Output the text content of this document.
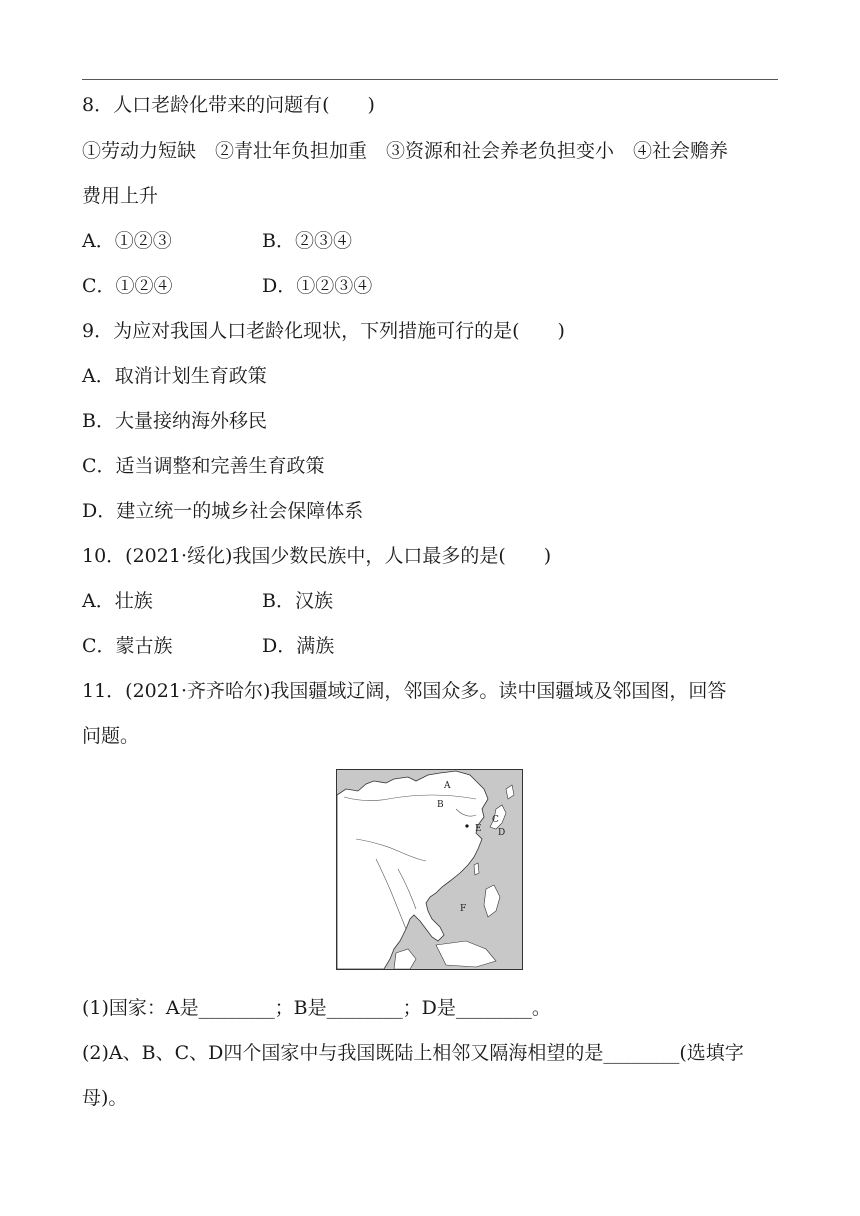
8．人口老龄化带来的问题有(　　)
①劳动力短缺　②青壮年负担加重　③资源和社会养老负担变小　④社会赡养
费用上升
A．①②③	B．②③④
C．①②④	D．①②③④
9．为应对我国人口老龄化现状，下列措施可行的是(　　)
A．取消计划生育政策
B．大量接纳海外移民
C．适当调整和完善生育政策
D．建立统一的城乡社会保障体系
10．(2021·绥化)我国少数民族中，人口最多的是(　　)
A．壮族	B．汉族
C．蒙古族	D．满族
11．(2021·齐齐哈尔)我国疆域辽阔，邻国众多。读中国疆域及邻国图，回答
问题。
A
B
C
D
E
F
(1)国家：A是________；B是________；D是________。
(2)A、B、C、D四个国家中与我国既陆上相邻又隔海相望的是________(选填字
母)。
